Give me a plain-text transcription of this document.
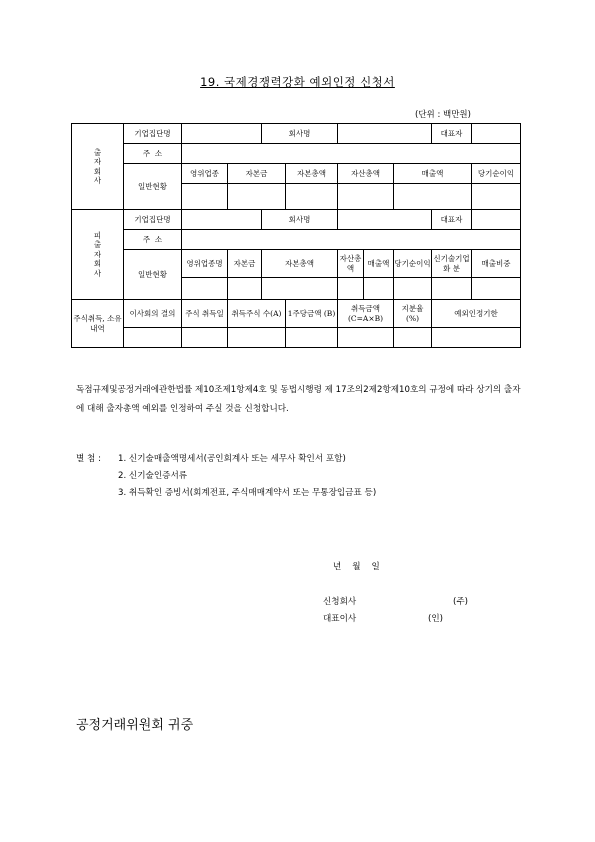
19. 국제경쟁력강화 예외인정 신청서
(단위 : 백만원)
출
자
회
사	기업집단명			회사명					대표자	
	주  소									
	일반현황	영위업종	자본금		자본총액	자산총액		매출액		당기순이익

피
출
자
회
사	기업집단명			회사명					대표자	
	주  소									
	일반현황	영위업종명	자본금	자본총액		자산총액	매출액	당기순이익	신기술기업화 분	매출비중

주식취득, 소유내역	이사회의 결의	주식 취득일	취득주식 수(A)		1주당금액 (B)	취득금액 (C=A×B)		지분율 (%)	예외인정기한	

독점규제및공정거래에관한법률 제10조제1항제4호 및 동법시행령 제 17조의2제2항제10호의 규정에 따라 상기의 출자에 대해 출자총액 예외를 인정하여 주실 것을 신청합니다.
별 첨 : 1. 신기술매출액명세서(공인회계사 또는 세무사 확인서 포함)
2. 신기술인증서류
3. 취득확인 증빙서(회계전표, 주식매매계약서 또는 무통장입금표 등)
년    월    일
신청회사	(주)
대표이사	(인)
공정거래위원회 귀중
